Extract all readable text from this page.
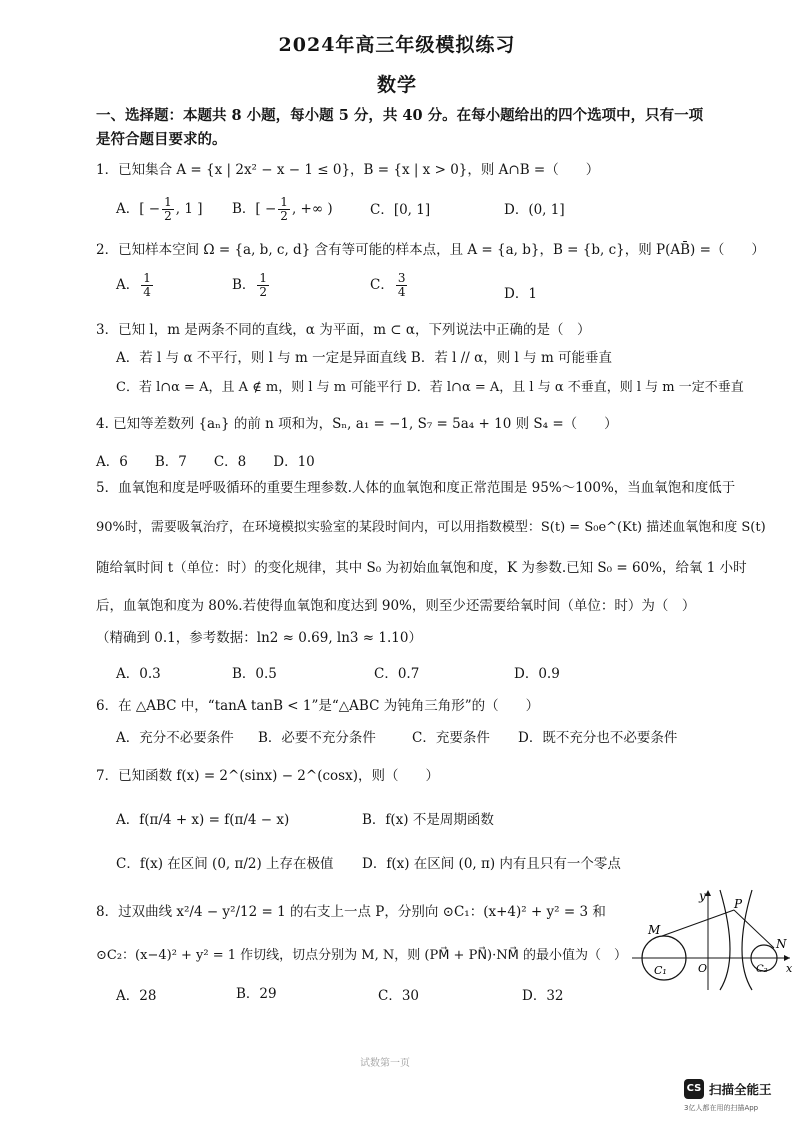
2024年高三年级模拟练习
数学
一、选择题：本题共 8 小题，每小题 5 分，共 40 分。在每小题给出的四个选项中，只有一项
是符合题目要求的。
1．已知集合 A = {x | 2x² − x − 1 ≤ 0}，B = {x | x > 0}，则 A∩B =（　　）
A．[ − $\frac{1}{2}$ , 1 ] B．[ − $\frac{1}{2}$ , +∞ )	C．[0, 1]	D．(0, 1]
2．已知样本空间 Ω = {a, b, c, d} 含有等可能的样本点，且 A = {a, b}，B = {b, c}，则 P(AB̄) =（　　）
A． $\frac{1}{4}$	B． $\frac{1}{2}$	C． $\frac{3}{4}$	D．1
3．已知 l，m 是两条不同的直线，α 为平面，m ⊂ α，下列说法中正确的是（　）
A．若 l 与 α 不平行，则 l 与 m 一定是异面直线 B．若 l // α，则 l 与 m 可能垂直
C．若 l∩α = A，且 A ∉ m，则 l 与 m 可能平行 D．若 l∩α = A，且 l 与 α 不垂直，则 l 与 m 一定不垂直
4. 已知等差数列 {aₙ} 的前 n 项和为，Sₙ, a₁ = −1, S₇ = 5a₄ + 10 则 S₄ =（　　）
A．6　　B．7　　C．8　　D．10
5．血氧饱和度是呼吸循环的重要生理参数.人体的血氧饱和度正常范围是 95%～100%，当血氧饱和度低于
90%时，需要吸氧治疗，在环境模拟实验室的某段时间内，可以用指数模型：S(t) = S₀e^(Kt) 描述血氧饱和度 S(t)
随给氧时间 t（单位：时）的变化规律，其中 S₀ 为初始血氧饱和度，K 为参数.已知 S₀ = 60%，给氧 1 小时
后，血氧饱和度为 80%.若使得血氧饱和度达到 90%，则至少还需要给氧时间（单位：时）为（　）
（精确到 0.1，参考数据：ln2 ≈ 0.69, ln3 ≈ 1.10）
A．0.3	B．0.5	C．0.7	D．0.9
6．在 △ABC 中，“tanA tanB < 1”是“△ABC 为钝角三角形”的（　　）
A．充分不必要条件 B．必要不充分条件	C．充要条件 D．既不充分也不必要条件
7．已知函数 f(x) = 2^(sinx) − 2^(cosx)，则（　　）
A．f(π/4 + x) = f(π/4 − x)	B．f(x) 不是周期函数
C．f(x) 在区间 (0, π/2) 上存在极值 D．f(x) 在区间 (0, π) 内有且只有一个零点
8．过双曲线 x²/4 − y²/12 = 1 的右支上一点 P，分别向 ⊙C₁：(x+4)² + y² = 3 和
⊙C₂：(x−4)² + y² = 1 作切线，切点分别为 M, N，则 (PM⃗ + PN⃗)·NM⃗ 的最小值为（　）
A．28	B．29	C．30	D．32
y
P
M
N
O
C₁	C₂ x
试数第一页
CS 扫描全能王
3亿人都在用的扫描App
